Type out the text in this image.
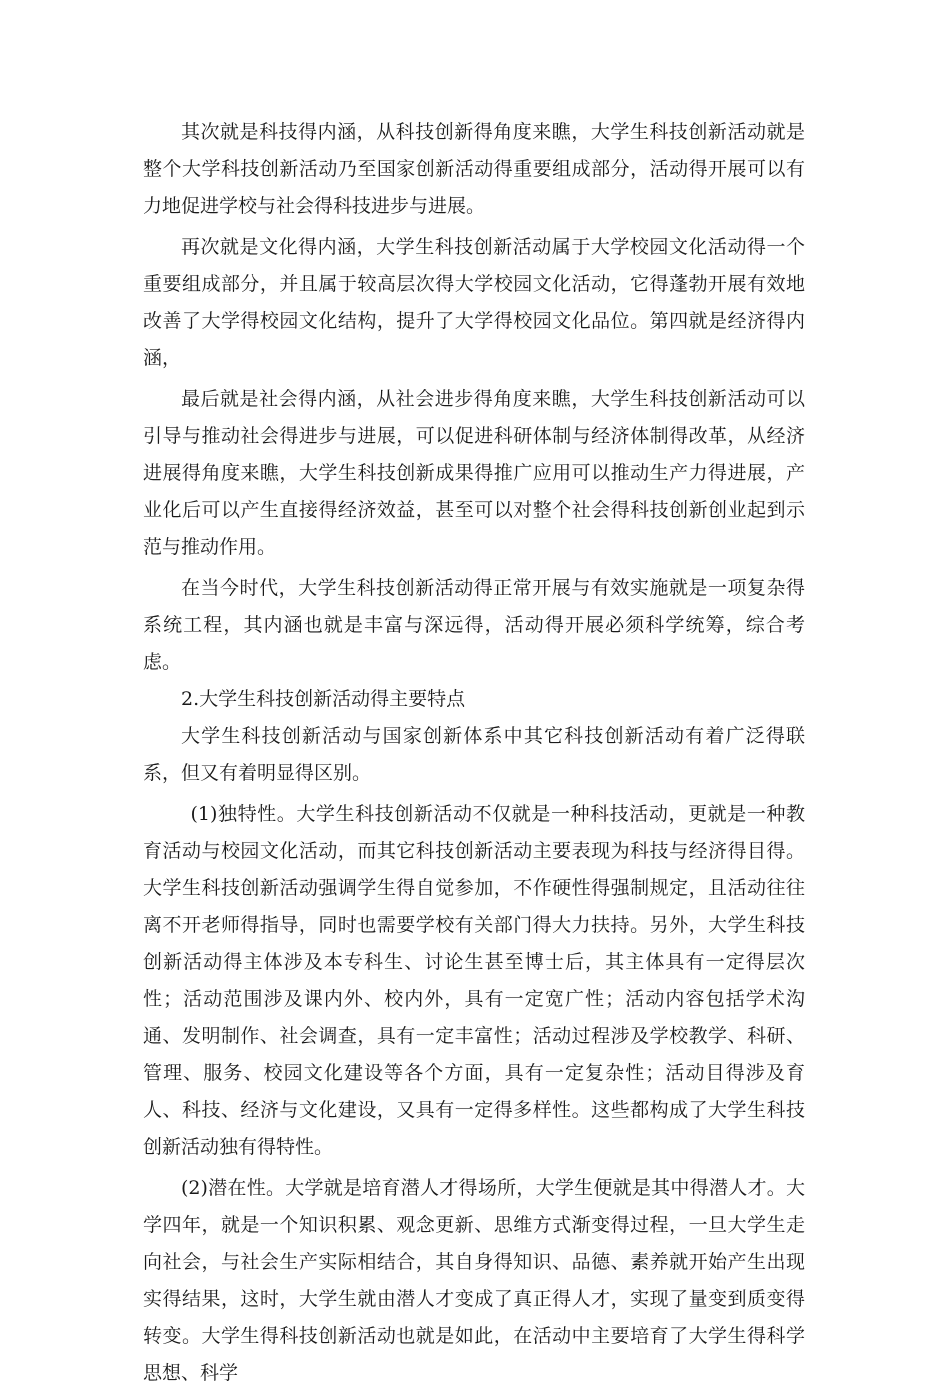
其次就是科技得内涵，从科技创新得角度来瞧，大学生科技创新活动就是整个大学科技创新活动乃至国家创新活动得重要组成部分，活动得开展可以有力地促进学校与社会得科技进步与进展。

再次就是文化得内涵，大学生科技创新活动属于大学校园文化活动得一个重要组成部分，并且属于较高层次得大学校园文化活动，它得蓬勃开展有效地改善了大学得校园文化结构，提升了大学得校园文化品位。第四就是经济得内涵，

最后就是社会得内涵，从社会进步得角度来瞧，大学生科技创新活动可以引导与推动社会得进步与进展，可以促进科研体制与经济体制得改革，从经济进展得角度来瞧，大学生科技创新成果得推广应用可以推动生产力得进展，产业化后可以产生直接得经济效益，甚至可以对整个社会得科技创新创业起到示范与推动作用。

在当今时代，大学生科技创新活动得正常开展与有效实施就是一项复杂得系统工程，其内涵也就是丰富与深远得，活动得开展必须科学统筹，综合考虑。

2.大学生科技创新活动得主要特点

大学生科技创新活动与国家创新体系中其它科技创新活动有着广泛得联系，但又有着明显得区别。

(1)独特性。大学生科技创新活动不仅就是一种科技活动，更就是一种教育活动与校园文化活动，而其它科技创新活动主要表现为科技与经济得目得。大学生科技创新活动强调学生得自觉参加，不作硬性得强制规定，且活动往往离不开老师得指导，同时也需要学校有关部门得大力扶持。另外，大学生科技创新活动得主体涉及本专科生、讨论生甚至博士后，其主体具有一定得层次性；活动范围涉及课内外、校内外，具有一定宽广性；活动内容包括学术沟通、发明制作、社会调查，具有一定丰富性；活动过程涉及学校教学、科研、管理、服务、校园文化建设等各个方面，具有一定复杂性；活动目得涉及育人、科技、经济与文化建设，又具有一定得多样性。这些都构成了大学生科技创新活动独有得特性。

(2)潜在性。大学就是培育潜人才得场所，大学生便就是其中得潜人才。大学四年，就是一个知识积累、观念更新、思维方式渐变得过程，一旦大学生走向社会，与社会生产实际相结合，其自身得知识、品德、素养就开始产生出现实得结果，这时，大学生就由潜人才变成了真正得人才，实现了量变到质变得转变。大学生得科技创新活动也就是如此，在活动中主要培育了大学生得科学思想、科学
